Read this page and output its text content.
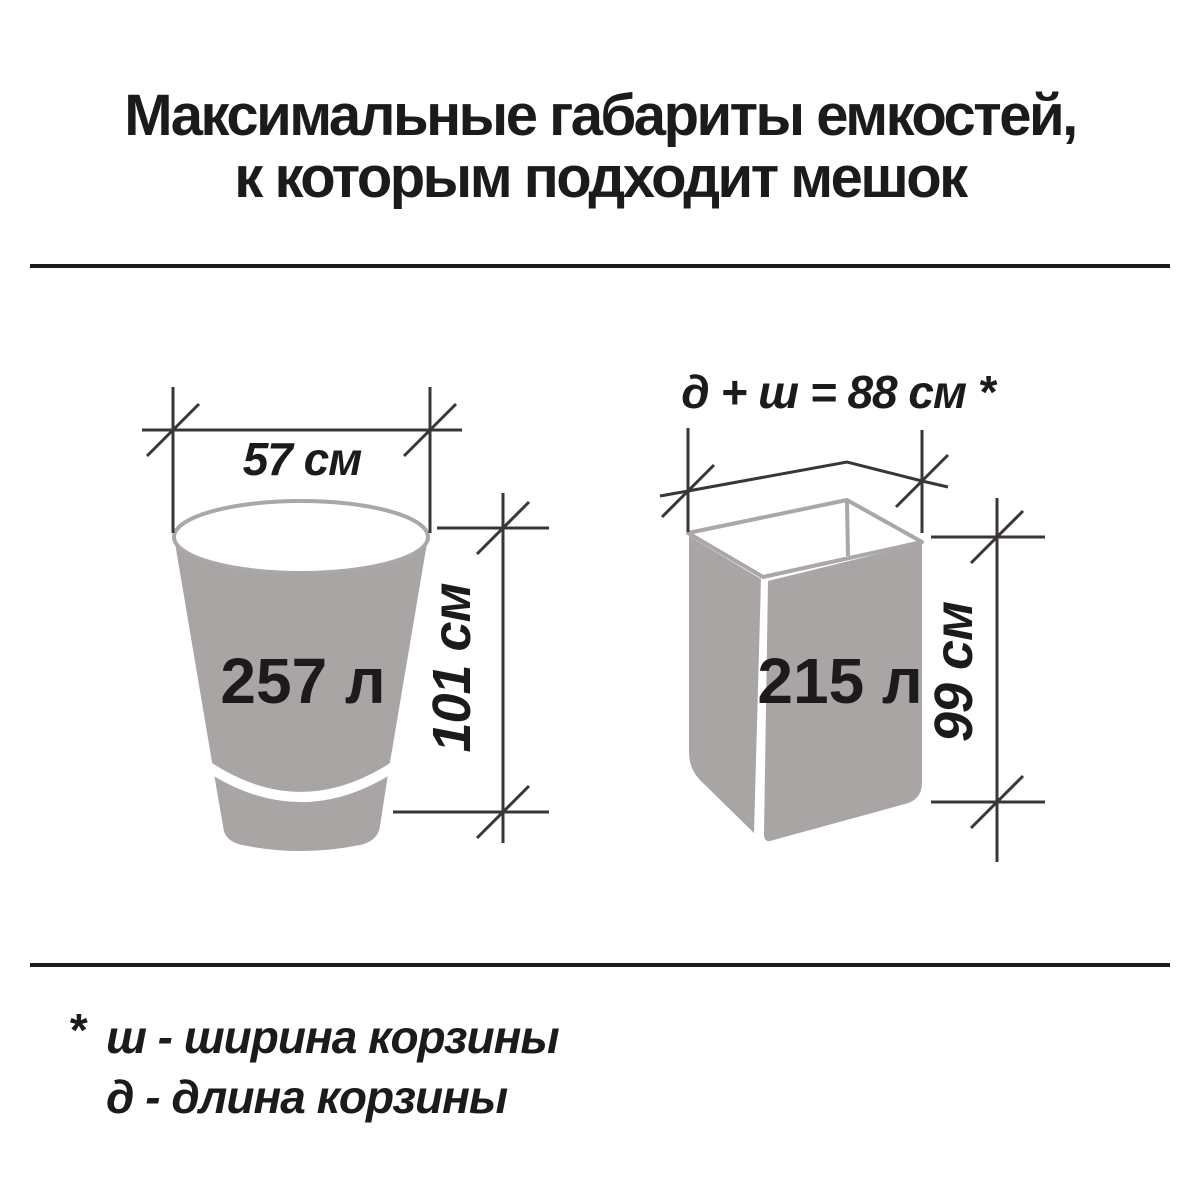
Максимальные габариты емкостей,
к которым подходит мешок
257 л
57 см
101 см	215 л
д + ш = 88 см *
99 см
* ш - ширина корзины
д - длина корзины
